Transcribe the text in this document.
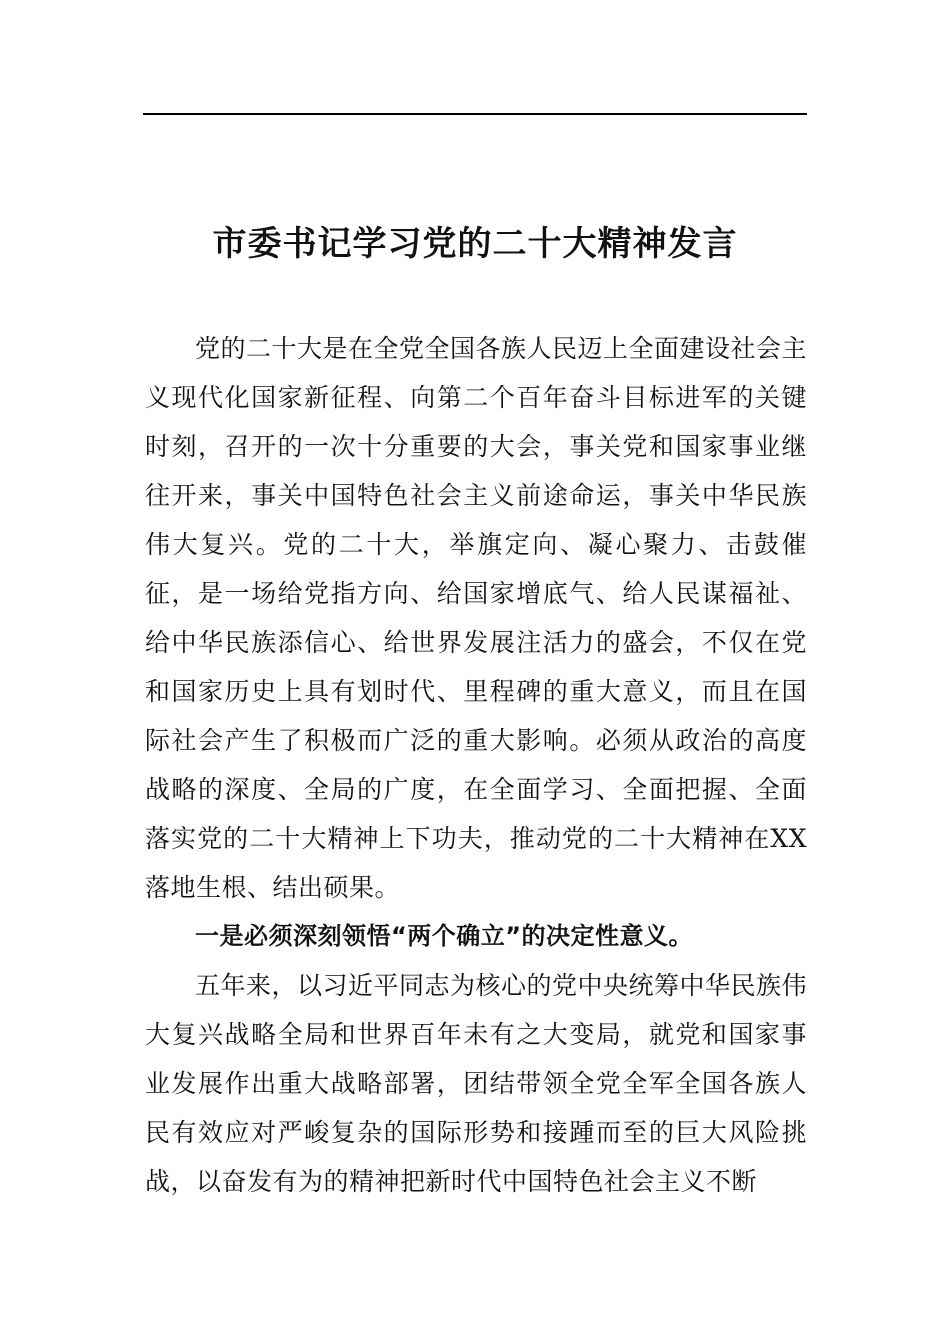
市委书记学习党的二十大精神发言

党的二十大是在全党全国各族人民迈上全面建设社会主义现代化国家新征程、向第二个百年奋斗目标进军的关键时刻，召开的一次十分重要的大会，事关党和国家事业继往开来，事关中国特色社会主义前途命运，事关中华民族伟大复兴。党的二十大，举旗定向、凝心聚力、击鼓催征，是一场给党指方向、给国家增底气、给人民谋福祉、给中华民族添信心、给世界发展注活力的盛会，不仅在党和国家历史上具有划时代、里程碑的重大意义，而且在国际社会产生了积极而广泛的重大影响。必须从政治的高度战略的深度、全局的广度，在全面学习、全面把握、全面落实党的二十大精神上下功夫，推动党的二十大精神在XX落地生根、结出硕果。

一是必须深刻领悟“两个确立”的决定性意义。

五年来，以习近平同志为核心的党中央统筹中华民族伟大复兴战略全局和世界百年未有之大变局，就党和国家事业发展作出重大战略部署，团结带领全党全军全国各族人民有效应对严峻复杂的国际形势和接踵而至的巨大风险挑战，以奋发有为的精神把新时代中国特色社会主义不断
